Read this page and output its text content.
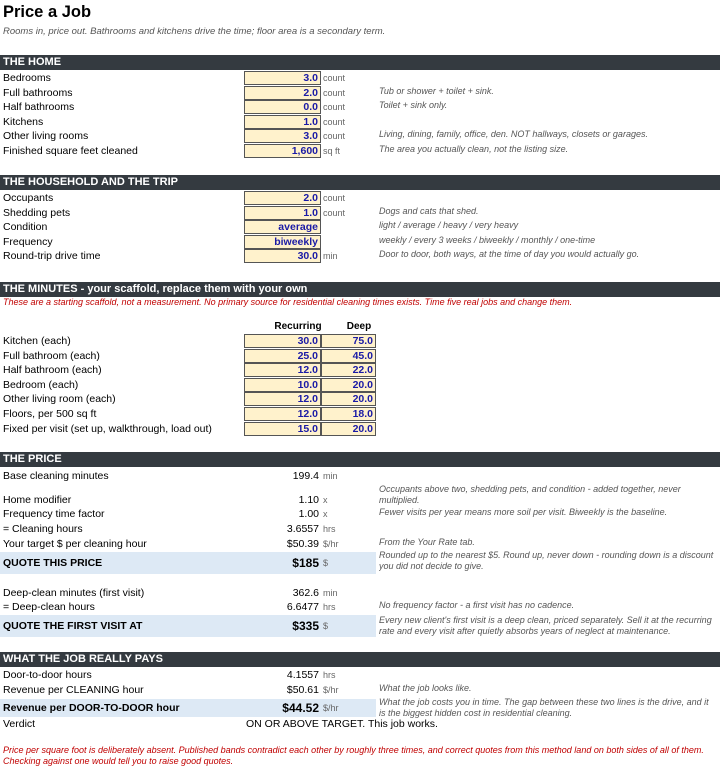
Price a Job
Rooms in, price out. Bathrooms and kitchens drive the time; floor area is a secondary term.
THE HOME
Bedrooms	3.0 count
Full bathrooms	2.0 count	Tub or shower + toilet + sink.
Half bathrooms	0.0 count	Toilet + sink only.
Kitchens	1.0 count
Other living rooms	3.0 count	Living, dining, family, office, den. NOT hallways, closets or garages.
Finished square feet cleaned	1,600 sq ft	The area you actually clean, not the listing size.
THE HOUSEHOLD AND THE TRIP
Occupants	2.0 count
Shedding pets	1.0 count	Dogs and cats that shed.
Condition	average	light / average / heavy / very heavy
Frequency	biweekly	weekly / every 3 weeks / biweekly / monthly / one-time
Round-trip drive time	30.0 min	Door to door, both ways, at the time of day you would actually go.
THE MINUTES - your scaffold, replace them with your own
These are a starting scaffold, not a measurement. No primary source for residential cleaning times exists. Time five real jobs and change them.
Recurring	Deep
Kitchen (each)	30.0	75.0
Full bathroom (each)	25.0	45.0
Half bathroom (each)	12.0	22.0
Bedroom (each)	10.0	20.0
Other living room (each)	12.0	20.0
Floors, per 500 sq ft	12.0	18.0
Fixed per visit (set up, walkthrough, load out)	15.0	20.0
THE PRICE
Base cleaning minutes	199.4 min
Occupants above two, shedding pets, and condition - added together, never multiplied.
Home modifier	1.10 x
Frequency time factor	1.00 x	Fewer visits per year means more soil per visit. Biweekly is the baseline.
= Cleaning hours	3.6557 hrs
Your target $ per cleaning hour	$50.39 $/hr	From the Your Rate tab.
QUOTE THIS PRICE	$185 $
Rounded up to the nearest $5. Round up, never down - rounding down is a discount you did not decide to give.
Deep-clean minutes (first visit)	362.6 min
= Deep-clean hours	6.6477 hrs	No frequency factor - a first visit has no cadence.
QUOTE THE FIRST VISIT AT	$335 $
Every new client's first visit is a deep clean, priced separately. Sell it at the recurring rate and every visit after quietly absorbs years of neglect at maintenance.
WHAT THE JOB REALLY PAYS
Door-to-door hours	4.1557 hrs
Revenue per CLEANING hour	$50.61 $/hr	What the job looks like.
Revenue per DOOR-TO-DOOR hour	$44.52 $/hr
What the job costs you in time. The gap between these two lines is the drive, and it is the biggest hidden cost in residential cleaning.
Verdict	ON OR ABOVE TARGET. This job works.
Price per square foot is deliberately absent. Published bands contradict each other by roughly three times, and correct quotes from this method land on both sides of all of them. Checking against one would tell you to raise good quotes.
